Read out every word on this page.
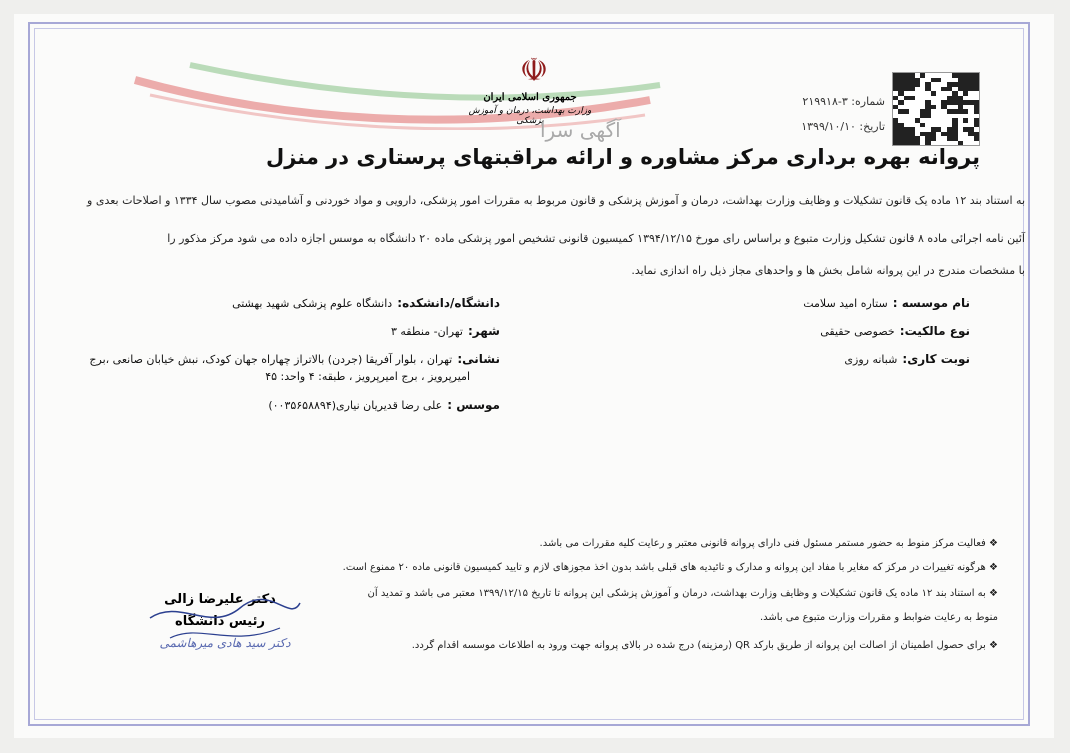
☫
جمهوری اسلامی ایران
وزارت بهداشت، درمان و آموزش پزشکی
آگهی سرا
شماره: ۳-۲۱۹۹۱۸
تاریخ: ۱۳۹۹/۱۰/۱۰
پروانه بهره برداری مرکز مشاوره و ارائه مراقبتهای پرستاری در منزل
به استناد بند ۱۲ ماده یک قانون تشکیلات و وظایف وزارت بهداشت، درمان و آموزش پزشکی و قانون مربوط به مقررات امور پزشکی، دارویی و مواد خوردنی و آشامیدنی مصوب سال ۱۳۳۴ و اصلاحات بعدی و
آئین نامه اجرائی ماده ۸ قانون تشکیل وزارت متبوع و براساس رای مورخ ۱۳۹۴/۱۲/۱۵ کمیسیون قانونی تشخیص امور پزشکی ماده ۲۰ دانشگاه به موسس اجازه داده می شود مرکز مذکور را
با مشخصات مندرج در این پروانه شامل بخش ها و واحدهای مجاز ذیل راه اندازی نماید.
نام موسسه : ستاره امید سلامت
نوع مالکیت: خصوصی حقیقی
نوبت کاری: شبانه روزی
دانشگاه/دانشکده: دانشگاه علوم پزشکی شهید بهشتی
شهر: تهران- منطقه ۳
نشانی: تهران ، بلوار آفریقا (جردن) بالاتراز چهاراه جهان کودک، نبش خیابان صانعی ،برج
امیرپرویز ، برج امیرپرویز ، طبقه: ۴ واحد: ۴۵
موسس : علی رضا قدیریان نیاری(۰۰۳۵۶۵۸۸۹۴)
❖ فعالیت مرکز منوط به حضور مستمر مسئول فنی دارای پروانه قانونی معتبر و رعایت کلیه مقررات می باشد.
❖ هرگونه تغییرات در مرکز که مغایر با مفاد این پروانه و مدارک و تائیدیه های قبلی باشد بدون اخذ مجوزهای لازم و تایید کمیسیون قانونی ماده ۲۰ ممنوع است.
❖ به استناد بند ۱۲ ماده یک قانون تشکیلات و وظایف وزارت بهداشت، درمان و آموزش پزشکی این پروانه تا تاریخ ۱۳۹۹/۱۲/۱۵ معتبر می باشد و تمدید آن
منوط به رعایت ضوابط و مقررات وزارت متبوع می باشد.
❖ برای حصول اطمینان از اصالت این پروانه از طریق بارکد QR (رمزینه) درج شده در بالای پروانه جهت ورود به اطلاعات موسسه اقدام گردد.
دکتر علیرضا زالی
رئیس دانشگاه
دکتر سید هادی میرهاشمی
